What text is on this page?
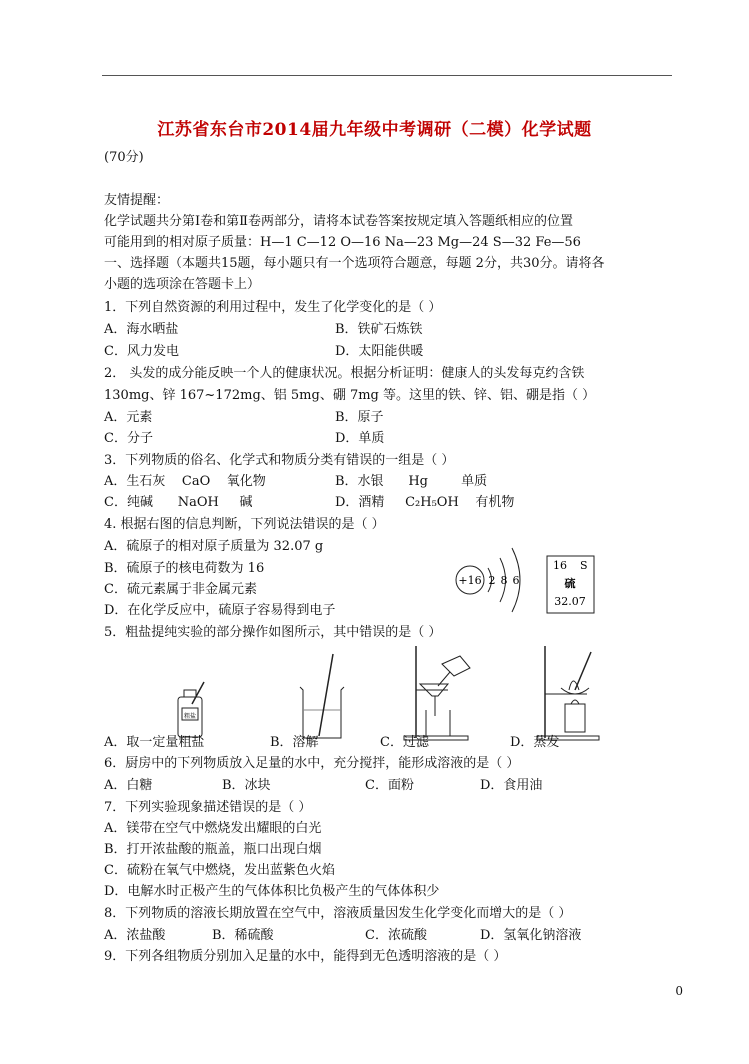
江苏省东台市2014届九年级中考调研（二模）化学试题
(70分)
友情提醒：
化学试题共分第Ⅰ卷和第Ⅱ卷两部分，请将本试卷答案按规定填入答题纸相应的位置
可能用到的相对原子质量：H—1 C—12 O—16 Na—23 Mg—24 S—32 Fe—56
一、选择题（本题共15题，每小题只有一个选项符合题意，每题 2分，共30分。请将各
小题的选项涂在答题卡上）
1．下列自然资源的利用过程中，发生了化学变化的是（ ）
A．海水晒盐	B．铁矿石炼铁
C．风力发电	D．太阳能供暖
2． 头发的成分能反映一个人的健康状况。根据分析证明：健康人的头发每克约含铁
130mg、锌 167~172mg、铝 5mg、硼 7mg 等。这里的铁、锌、铝、硼是指（ ）
A．元素	B．原子
C．分子	D．单质
3．下列物质的俗名、化学式和物质分类有错误的一组是（ ）
A．生石灰    CaO    氧化物	B．水银      Hg        单质
C．纯碱      NaOH     碱	D．酒精     C₂H₅OH    有机物
4. 根据右图的信息判断，下列说法错误的是（ ）
A．硫原子的相对原子质量为 32.07 g
B．硫原子的核电荷数为 16
C．硫元素属于非金属元素
D．在化学反应中，硫原子容易得到电子
+16 2 8 6
16 S
硫
32.07
5．粗盐提纯实验的部分操作如图所示，其中错误的是（ ）
粗盐
A．取一定量粗盐	B．溶解	C．过滤	D．蒸发
6．厨房中的下列物质放入足量的水中，充分搅拌，能形成溶液的是（ ）
A．白糖	B．冰块	C．面粉	D．食用油
7．下列实验现象描述错误的是（ ）
A．镁带在空气中燃烧发出耀眼的白光
B．打开浓盐酸的瓶盖，瓶口出现白烟
C．硫粉在氧气中燃烧，发出蓝紫色火焰
D．电解水时正极产生的气体体积比负极产生的气体体积少
8．下列物质的溶液长期放置在空气中，溶液质量因发生化学变化而增大的是（ ）
A．浓盐酸	B．稀硫酸	C．浓硫酸	D．氢氧化钠溶液
9．下列各组物质分别加入足量的水中，能得到无色透明溶液的是（ ）
0
